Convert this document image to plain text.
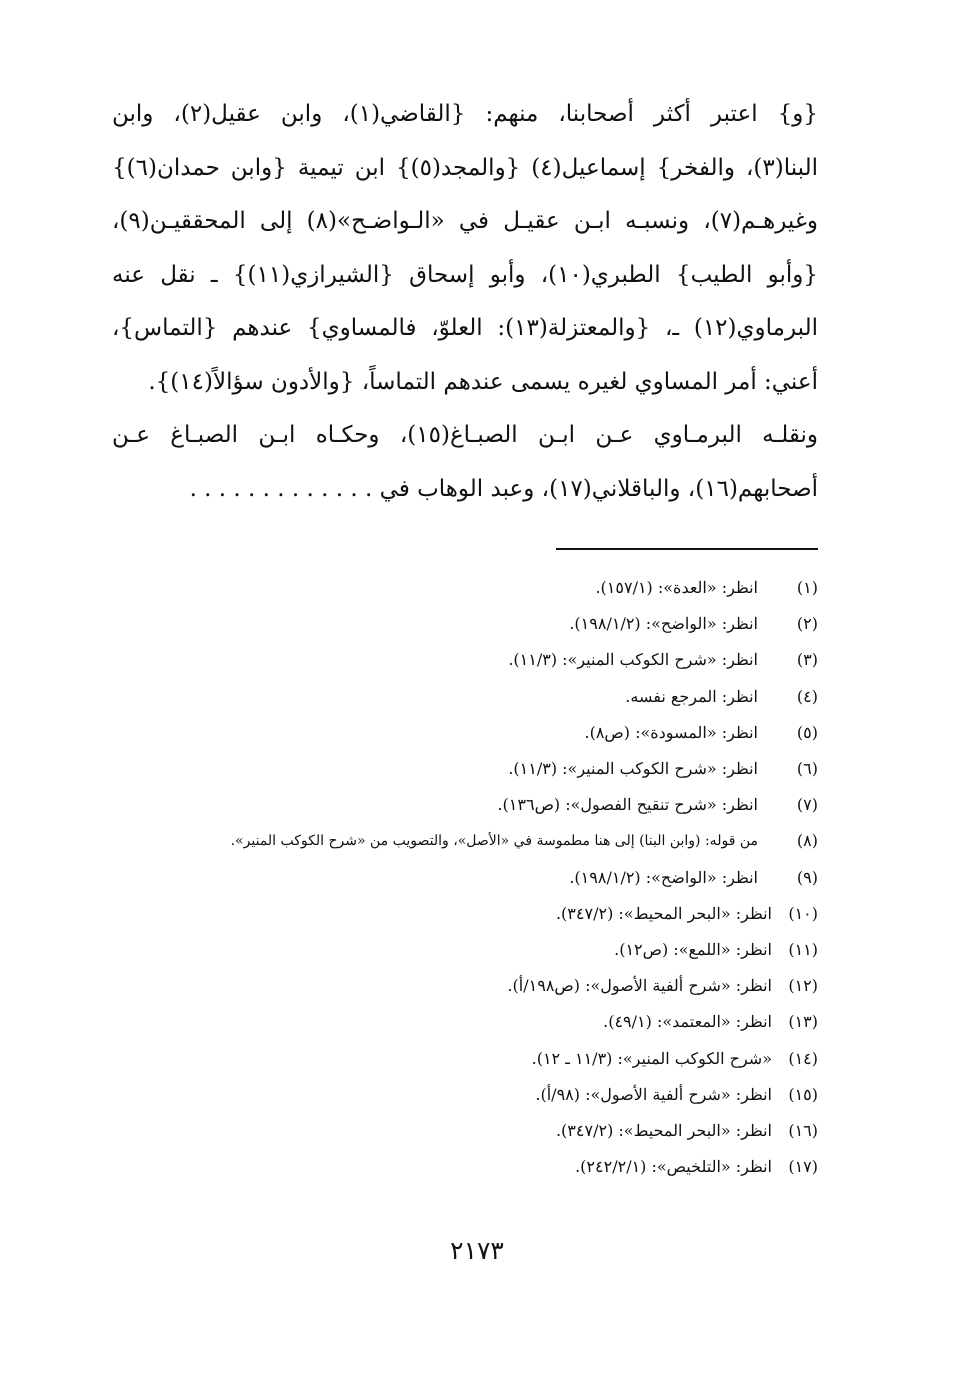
{و} اعتبر أكثر أصحابنا، منهم: {القاضي(١)، وابن عقيل(٢)، وابن
البنا(٣)، والفخر} إسماعيل(٤) {والمجد(٥)} ابن تيمية {وابن حمدان(٦)}
وغيرهـم(٧)، ونسبـه ابـن عقيـل في «الـواضـح»(٨) إلى المحققيـن(٩)،
{وأبو الطيب} الطبري(١٠)، وأبو إسحاق {الشيرازي(١١)} ـ نقل عنه
البرماوي(١٢) ـ، {والمعتزلة(١٣): العلوّ، فالمساوي} عندهم {التماس}،
أعني: أمر المساوي لغيره يسمى عندهم التماساً، {والأدون سؤالاً(١٤)}.
ونقلـه البرمـاوي عـن ابـن الصبـاغ(١٥)، وحكـاه ابـن الصبـاغ عـن
أصحابهم(١٦)، والباقلاني(١٧)، وعبد الوهاب في . . . . . . . . . . . . .
(١)
انظر: «العدة»: (١٥٧/١).
(٢)
انظر: «الواضح»: (١٩٨/١/٢).
(٣)
انظر: «شرح الكوكب المنير»: (١١/٣).
(٤)
انظر: المرجع نفسه.
(٥)
انظر: «المسودة»: (ص٨).
(٦)
انظر: «شرح الكوكب المنير»: (١١/٣).
(٧)
انظر: «شرح تنقيح الفصول»: (ص١٣٦).
(٨)
من قوله: (وابن البنا) إلى هنا مطموسة في «الأصل»، والتصويب من «شرح الكوكب المنير».
(٩)
انظر: «الواضح»: (١٩٨/١/٢).
(١٠)
انظر: «البحر المحيط»: (٣٤٧/٢).
(١١)
انظر: «اللمع»: (ص١٢).
(١٢)
انظر: «شرح ألفية الأصول»: (ص١٩٨/أ).
(١٣)
انظر: «المعتمد»: (٤٩/١).
(١٤)
«شرح الكوكب المنير»: (١١/٣ ـ ١٢).
(١٥)
انظر: «شرح ألفية الأصول»: (٩٨/أ).
(١٦)
انظر: «البحر المحيط»: (٣٤٧/٢).
(١٧)
انظر: «التلخيص»: (٢٤٢/٢/١).
٢١٧٣
